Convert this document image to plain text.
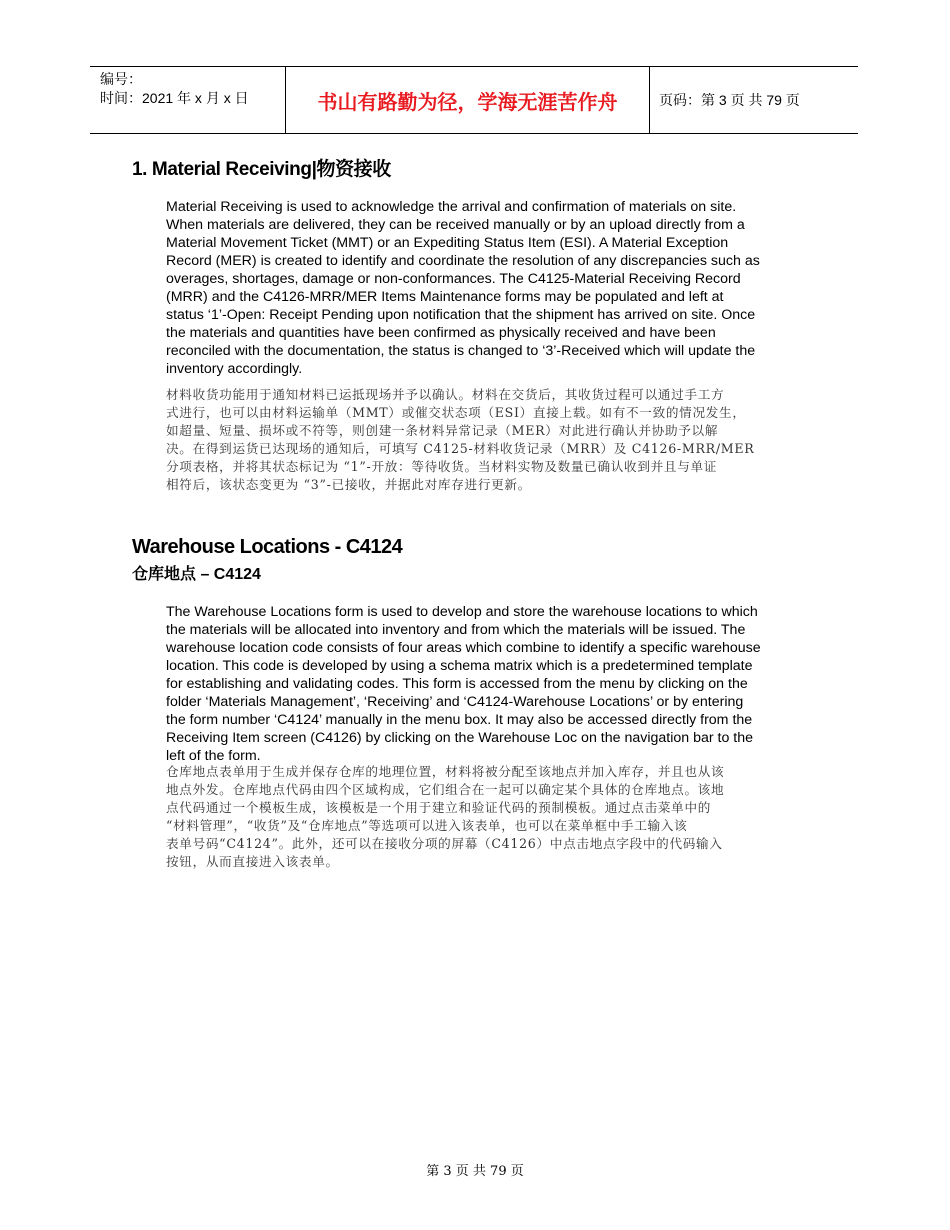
编号：
时间：2021 年 x 月 x 日	书山有路勤为径，学海无涯苦作舟	页码：第 3 页 共 79 页
1. Material Receiving|物资接收
Material Receiving is used to acknowledge the arrival and confirmation of materials on site.
When materials are delivered, they can be received manually or by an upload directly from a
Material Movement Ticket (MMT) or an Expediting Status Item (ESI). A Material Exception
Record (MER) is created to identify and coordinate the resolution of any discrepancies such as
overages, shortages, damage or non-conformances. The C4125-Material Receiving Record
(MRR) and the C4126-MRR/MER Items Maintenance forms may be populated and left at
status ‘1’-Open: Receipt Pending upon notification that the shipment has arrived on site. Once
the materials and quantities have been confirmed as physically received and have been
reconciled with the documentation, the status is changed to ‘3’-Received which will update the
inventory accordingly.
材料收货功能用于通知材料已运抵现场并予以确认。材料在交货后，其收货过程可以通过手工方
式进行，也可以由材料运输单（MMT）或催交状态项（ESI）直接上载。如有不一致的情况发生，
如超量、短量、损坏或不符等，则创建一条材料异常记录（MER）对此进行确认并协助予以解
决。在得到运货已达现场的通知后，可填写 C4125-材料收货记录（MRR）及 C4126-MRR/MER
分项表格，并将其状态标记为 “1”-开放：等待收货。当材料实物及数量已确认收到并且与单证
相符后，该状态变更为 “3”-已接收，并据此对库存进行更新。
Warehouse Locations - C4124
仓库地点 – C4124
The Warehouse Locations form is used to develop and store the warehouse locations to which
the materials will be allocated into inventory and from which the materials will be issued. The
warehouse location code consists of four areas which combine to identify a specific warehouse
location. This code is developed by using a schema matrix which is a predetermined template
for establishing and validating codes. This form is accessed from the menu by clicking on the
folder ‘Materials Management’, ‘Receiving’ and ‘C4124-Warehouse Locations’ or by entering
the form number ‘C4124’ manually in the menu box. It may also be accessed directly from the
Receiving Item screen (C4126) by clicking on the Warehouse Loc on the navigation bar to the
left of the form.
仓库地点表单用于生成并保存仓库的地理位置，材料将被分配至该地点并加入库存，并且也从该
地点外发。仓库地点代码由四个区域构成，它们组合在一起可以确定某个具体的仓库地点。该地
点代码通过一个模板生成，该模板是一个用于建立和验证代码的预制模板。通过点击菜单中的
“材料管理”，“收货”及“仓库地点”等选项可以进入该表单，也可以在菜单框中手工输入该
表单号码“C4124”。此外，还可以在接收分项的屏幕（C4126）中点击地点字段中的代码输入
按钮，从而直接进入该表单。
第 3 页 共 79 页
